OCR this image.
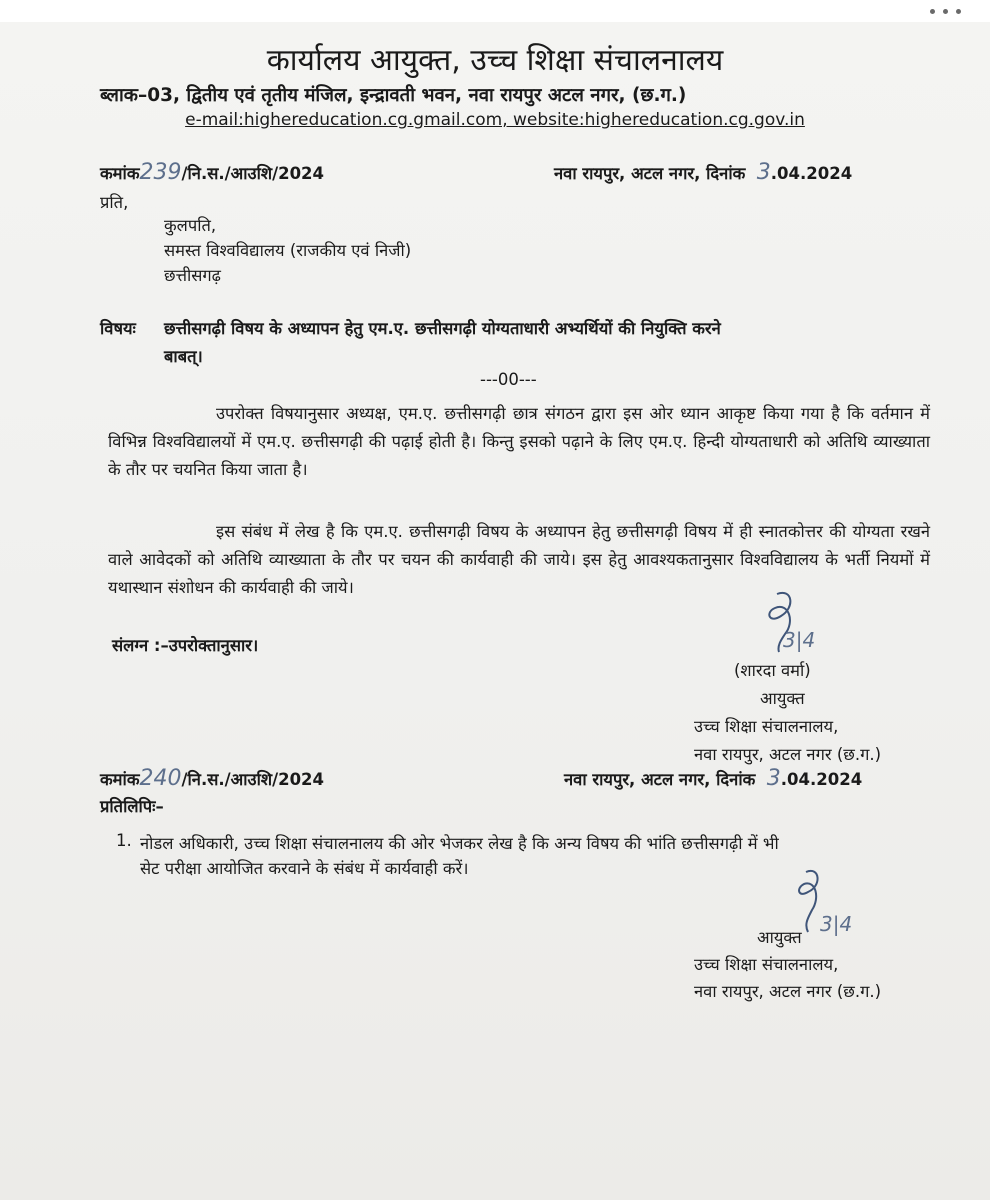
कार्यालय आयुक्त, उच्च शिक्षा संचालनालय
ब्लाक–03, द्वितीय एवं तृतीय मंजिल, इन्द्रावती भवन, नवा रायपुर अटल नगर, (छ.ग.)
e-mail:highereducation.cg.gmail.com, website:highereducation.cg.gov.in
कमांक239/नि.स./आउशि/2024	नवा रायपुर, अटल नगर, दिनांक 3.04.2024
प्रति,
कुलपति,
समस्त विश्वविद्यालय (राजकीय एवं निजी)
छत्तीसगढ़
विषयः छत्तीसगढ़ी विषय के अध्यापन हेतु एम.ए. छत्तीसगढ़ी योग्यताधारी अभ्यर्थियों की नियुक्ति करने
बाबत्।
---00---
उपरोक्त विषयानुसार अध्यक्ष, एम.ए. छत्तीसगढ़ी छात्र संगठन द्वारा इस ओर ध्यान आकृष्ट किया गया है कि वर्तमान में विभिन्न विश्वविद्यालयों में एम.ए. छत्तीसगढ़ी की पढ़ाई होती है। किन्तु इसको पढ़ाने के लिए एम.ए. हिन्दी योग्यताधारी को अतिथि व्याख्याता के तौर पर चयनित किया जाता है।
इस संबंध में लेख है कि एम.ए. छत्तीसगढ़ी विषय के अध्यापन हेतु छत्तीसगढ़ी विषय में ही स्नातकोत्तर की योग्यता रखने वाले आवेदकों को अतिथि व्याख्याता के तौर पर चयन की कार्यवाही की जाये। इस हेतु आवश्यकतानुसार विश्वविद्यालय के भर्ती नियमों में यथास्थान संशोधन की कार्यवाही की जाये।
संलग्न :–उपरोक्तानुसार।	3|4
(शारदा वर्मा)
आयुक्त
उच्च शिक्षा संचालनालय,
नवा रायपुर, अटल नगर (छ.ग.)
कमांक240/नि.स./आउशि/2024	नवा रायपुर, अटल नगर, दिनांक 3.04.2024
प्रतिलिपिः–
1. नोडल अधिकारी, उच्च शिक्षा संचालनालय की ओर भेजकर लेख है कि अन्य विषय की भांति छत्तीसगढ़ी में भी
सेट परीक्षा आयोजित करवाने के संबंध में कार्यवाही करें।
3|4
आयुक्त
उच्च शिक्षा संचालनालय,
नवा रायपुर, अटल नगर (छ.ग.)
